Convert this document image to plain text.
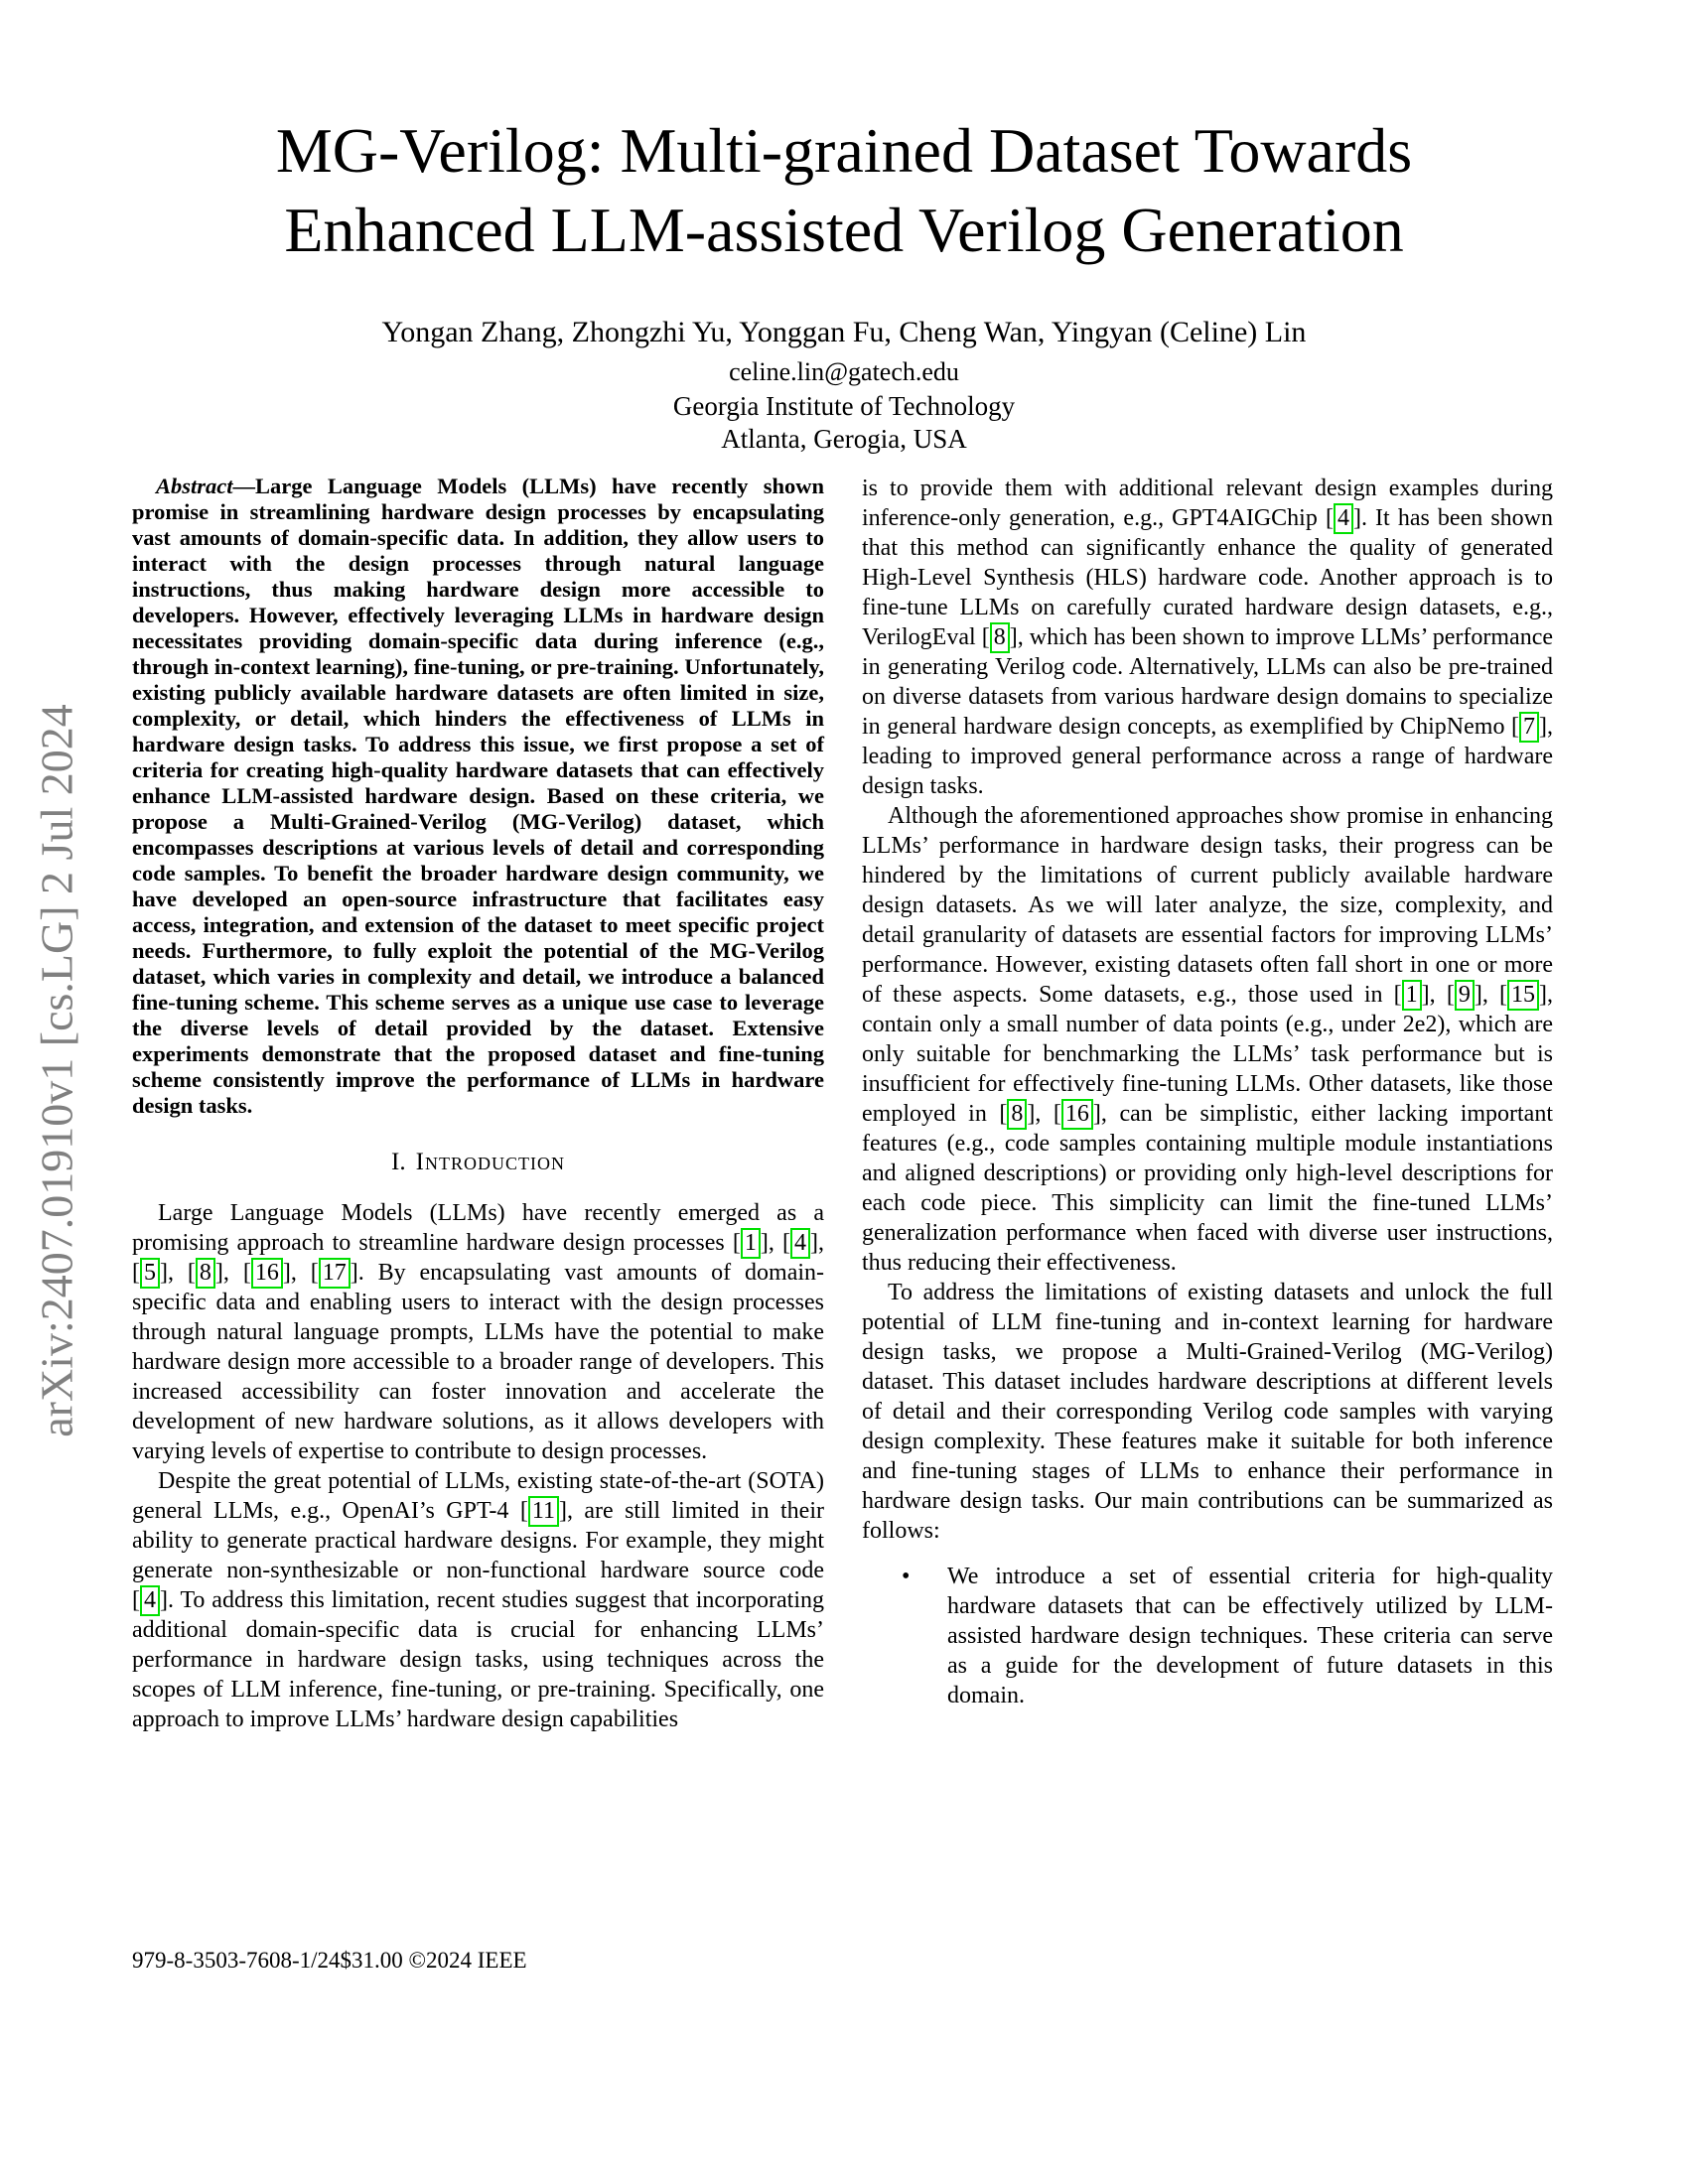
arXiv:2407.01910v1 [cs.LG] 2 Jul 2024
MG-Verilog: Multi-grained Dataset Towards
Enhanced LLM-assisted Verilog Generation
Yongan Zhang, Zhongzhi Yu, Yonggan Fu, Cheng Wan, Yingyan (Celine) Lin
celine.lin@gatech.edu
Georgia Institute of Technology
Atlanta, Gerogia, USA

Abstract—Large Language Models (LLMs) have recently shown promise in streamlining hardware design processes by encapsulating vast amounts of domain-specific data. In addition, they allow users to interact with the design processes through natural language instructions, thus making hardware design more accessible to developers. However, effectively leveraging LLMs in hardware design necessitates providing domain-specific data during inference (e.g., through in-context learning), fine-tuning, or pre-training. Unfortunately, existing publicly available hardware datasets are often limited in size, complexity, or detail, which hinders the effectiveness of LLMs in hardware design tasks. To address this issue, we first propose a set of criteria for creating high-quality hardware datasets that can effectively enhance LLM-assisted hardware design. Based on these criteria, we propose a Multi-Grained-Verilog (MG-Verilog) dataset, which encompasses descriptions at various levels of detail and corresponding code samples. To benefit the broader hardware design community, we have developed an open-source infrastructure that facilitates easy access, integration, and extension of the dataset to meet specific project needs. Furthermore, to fully exploit the potential of the MG-Verilog dataset, which varies in complexity and detail, we introduce a balanced fine-tuning scheme. This scheme serves as a unique use case to leverage the diverse levels of detail provided by the dataset. Extensive experiments demonstrate that the proposed dataset and fine-tuning scheme consistently improve the performance of LLMs in hardware design tasks.

I. Introduction

Large Language Models (LLMs) have recently emerged as a promising approach to streamline hardware design processes [ 1 ], [ 4 ], [ 5 ], [ 8 ], [ 16 ], [ 17 ]. By encapsulating vast amounts of domain-specific data and enabling users to interact with the design processes through natural language prompts, LLMs have the potential to make hardware design more accessible to a broader range of developers. This increased accessibility can foster innovation and accelerate the development of new hardware solutions, as it allows developers with varying levels of expertise to contribute to design processes.

Despite the great potential of LLMs, existing state-of-the-art (SOTA) general LLMs, e.g., OpenAI’s GPT-4 [ 11 ], are still limited in their ability to generate practical hardware designs. For example, they might generate non-synthesizable or non-functional hardware source code [ 4 ]. To address this limitation, recent studies suggest that incorporating additional domain-specific data is crucial for enhancing LLMs’ performance in hardware design tasks, using techniques across the scopes of LLM inference, fine-tuning, or pre-training. Specifically, one approach to improve LLMs’ hardware design capabilities

is to provide them with additional relevant design examples during inference-only generation, e.g., GPT4AIGChip [ 4 ]. It has been shown that this method can significantly enhance the quality of generated High-Level Synthesis (HLS) hardware code. Another approach is to fine-tune LLMs on carefully curated hardware design datasets, e.g., VerilogEval [ 8 ], which has been shown to improve LLMs’ performance in generating Verilog code. Alternatively, LLMs can also be pre-trained on diverse datasets from various hardware design domains to specialize in general hardware design concepts, as exemplified by ChipNemo [ 7 ], leading to improved general performance across a range of hardware design tasks.

Although the aforementioned approaches show promise in enhancing LLMs’ performance in hardware design tasks, their progress can be hindered by the limitations of current publicly available hardware design datasets. As we will later analyze, the size, complexity, and detail granularity of datasets are essential factors for improving LLMs’ performance. However, existing datasets often fall short in one or more of these aspects. Some datasets, e.g., those used in [ 1 ], [ 9 ], [ 15 ], contain only a small number of data points (e.g., under 2e2), which are only suitable for benchmarking the LLMs’ task performance but is insufficient for effectively fine-tuning LLMs. Other datasets, like those employed in [ 8 ], [ 16 ], can be simplistic, either lacking important features (e.g., code samples containing multiple module instantiations and aligned descriptions) or providing only high-level descriptions for each code piece. This simplicity can limit the fine-tuned LLMs’ generalization performance when faced with diverse user instructions, thus reducing their effectiveness.

To address the limitations of existing datasets and unlock the full potential of LLM fine-tuning and in-context learning for hardware design tasks, we propose a Multi-Grained-Verilog (MG-Verilog) dataset. This dataset includes hardware descriptions at different levels of detail and their corresponding Verilog code samples with varying design complexity. These features make it suitable for both inference and fine-tuning stages of LLMs to enhance their performance in hardware design tasks. Our main contributions can be summarized as follows:

•	We introduce a set of essential criteria for high-quality hardware datasets that can be effectively utilized by LLM-assisted hardware design techniques. These criteria can serve as a guide for the development of future datasets in this domain.
979-8-3503-7608-1/24$31.00 ©2024 IEEE
